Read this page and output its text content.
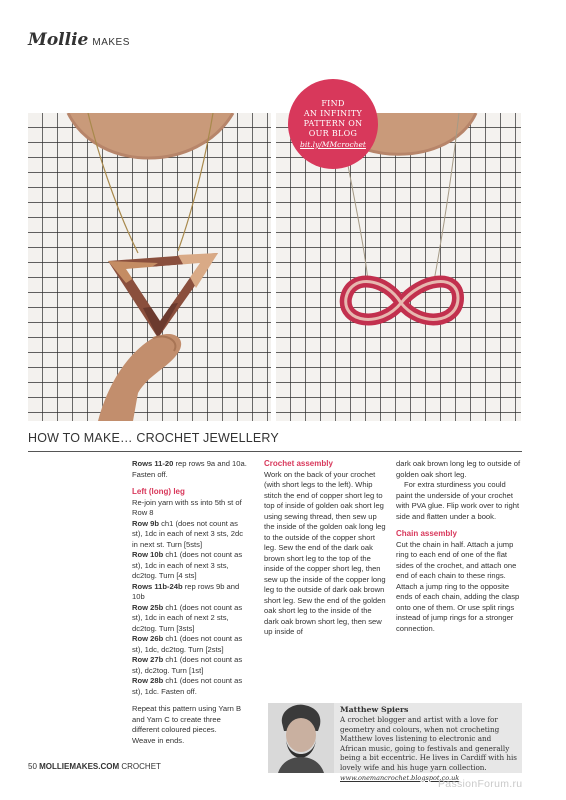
Mollie MAKES
FIND
AN INFINITY
PATTERN ON
OUR BLOG
bit.ly/MMcrochet
HOW TO MAKE… CROCHET JEWELLERY

Rows 11-20 rep rows 9a and 10a. Fasten off.

Left (long) leg

Re-join yarn with ss into 5th st of Row 8

Row 9b ch1 (does not count as st), 1dc in each of next 3 sts, 2dc in next st. Turn [5sts]

Row 10b ch1 (does not count as st), 1dc in each of next 3 sts, dc2tog. Turn [4 sts]

Rows 11b-24b rep rows 9b and 10b

Row 25b ch1 (does not count as st), 1dc in each of next 2 sts, dc2tog. Turn [3sts]

Row 26b ch1 (does not count as st), 1dc, dc2tog. Turn [2sts]

Row 27b ch1 (does not count as st), dc2tog. Turn [1st]

Row 28b ch1 (does not count as st), 1dc. Fasten off.

Repeat this pattern using Yarn B and Yarn C to create three different coloured pieces.

Weave in ends.

Crochet assembly

Work on the back of your crochet (with short legs to the left). Whip stitch the end of copper short leg to top of inside of golden oak short leg using sewing thread, then sew up the inside of the golden oak long leg to the outside of the copper short leg. Sew the end of the dark oak brown short leg to the top of the inside of the copper short leg, then sew up the inside of the copper long leg to the outside of dark oak brown short leg. Sew the end of the golden oak short leg to the inside of the dark oak brown short leg, then sew up inside of

dark oak brown long leg to outside of golden oak short leg.

For extra sturdiness you could paint the underside of your crochet with PVA glue. Flip work over to right side and flatten under a book.

Chain assembly

Cut the chain in half. Attach a jump ring to each end of one of the flat sides of the crochet, and attach one end of each chain to these rings. Attach a jump ring to the opposite ends of each chain, adding the clasp onto one of them. Or use split rings instead of jump rings for a stronger connection.

Matthew Spiers
A crochet blogger and artist with a love for geometry and colours, when not crocheting Matthew loves listening to electronic and African music, going to festivals and generally being a bit eccentric. He lives in Cardiff with his lovely wife and his huge yarn collection.
www.onemancrochet.blogspot.co.uk
50 MOLLIEMAKES.COM CROCHET
PassionForum.ru
